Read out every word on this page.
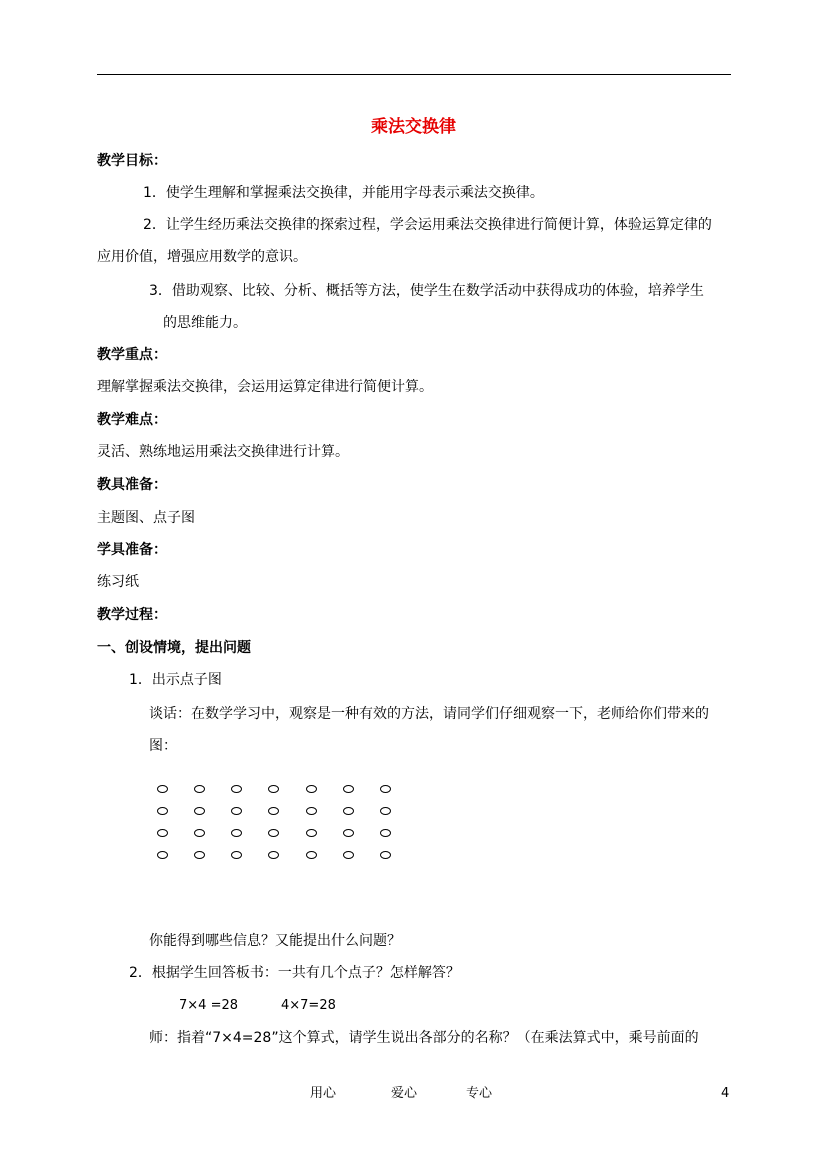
乘法交换律
教学目标：
1．使学生理解和掌握乘法交换律，并能用字母表示乘法交换律。
2．让学生经历乘法交换律的探索过程，学会运用乘法交换律进行简便计算，体验运算定律的
应用价值，增强应用数学的意识。
3．借助观察、比较、分析、概括等方法，使学生在数学活动中获得成功的体验，培养学生
的思维能力。
教学重点：
理解掌握乘法交换律，会运用运算定律进行简便计算。
教学难点：
灵活、熟练地运用乘法交换律进行计算。
教具准备：
主题图、点子图
学具准备：
练习纸
教学过程：
一、创设情境，提出问题
1．出示点子图
谈话：在数学学习中，观察是一种有效的方法，请同学们仔细观察一下，老师给你们带来的
图：
你能得到哪些信息？又能提出什么问题？
2．根据学生回答板书：一共有几个点子？怎样解答？
7×4 =28	4×7=28
师：指着“7×4=28”这个算式，请学生说出各部分的名称？（在乘法算式中，乘号前面的
用心	爱心	专心	4
